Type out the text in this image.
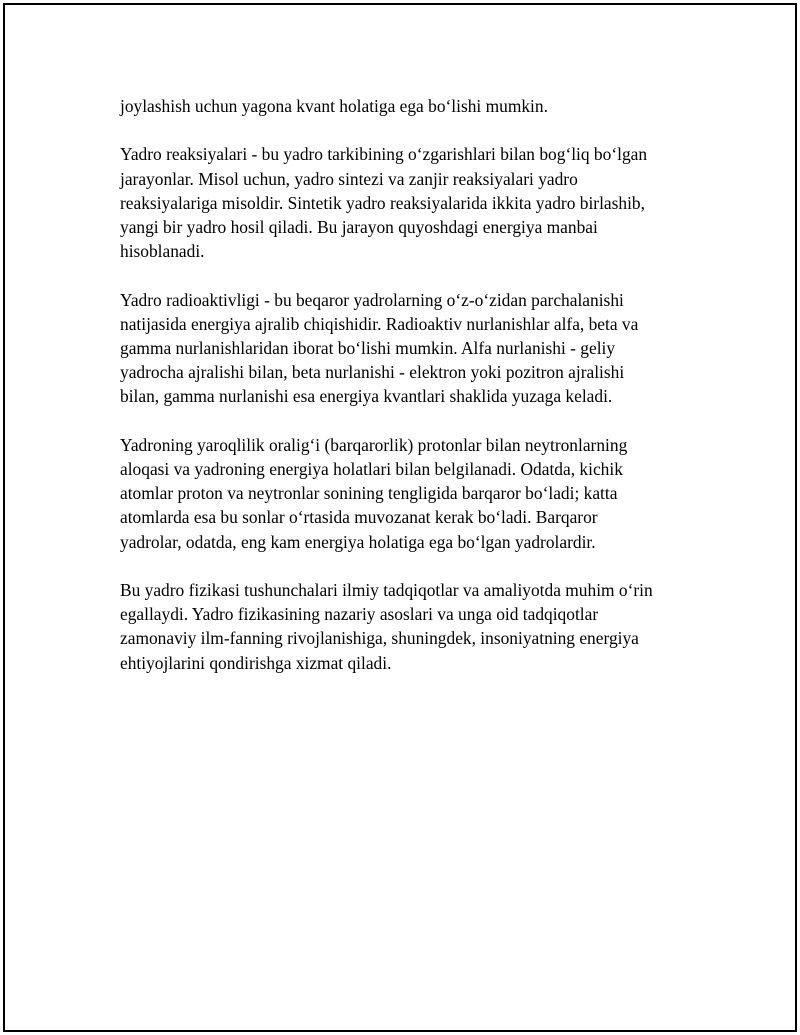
joylashish uchun yagona kvant holatiga ega bo‘lishi mumkin.

Yadro reaksiyalari - bu yadro tarkibining o‘zgarishlari bilan bog‘liq bo‘lgan
jarayonlar. Misol uchun, yadro sintezi va zanjir reaksiyalari yadro
reaksiyalariga misoldir. Sintetik yadro reaksiyalarida ikkita yadro birlashib,
yangi bir yadro hosil qiladi. Bu jarayon quyoshdagi energiya manbai
hisoblanadi.

Yadro radioaktivligi - bu beqaror yadrolarning o‘z-o‘zidan parchalanishi
natijasida energiya ajralib chiqishidir. Radioaktiv nurlanishlar alfa, beta va
gamma nurlanishlaridan iborat bo‘lishi mumkin. Alfa nurlanishi - geliy
yadrocha ajralishi bilan, beta nurlanishi - elektron yoki pozitron ajralishi
bilan, gamma nurlanishi esa energiya kvantlari shaklida yuzaga keladi.

Yadroning yaroqlilik oralig‘i (barqarorlik) protonlar bilan neytronlarning
aloqasi va yadroning energiya holatlari bilan belgilanadi. Odatda, kichik
atomlar proton va neytronlar sonining tengligida barqaror bo‘ladi; katta
atomlarda esa bu sonlar o‘rtasida muvozanat kerak bo‘ladi. Barqaror
yadrolar, odatda, eng kam energiya holatiga ega bo‘lgan yadrolardir.

Bu yadro fizikasi tushunchalari ilmiy tadqiqotlar va amaliyotda muhim o‘rin
egallaydi. Yadro fizikasining nazariy asoslari va unga oid tadqiqotlar
zamonaviy ilm-fanning rivojlanishiga, shuningdek, insoniyatning energiya
ehtiyojlarini qondirishga xizmat qiladi.
